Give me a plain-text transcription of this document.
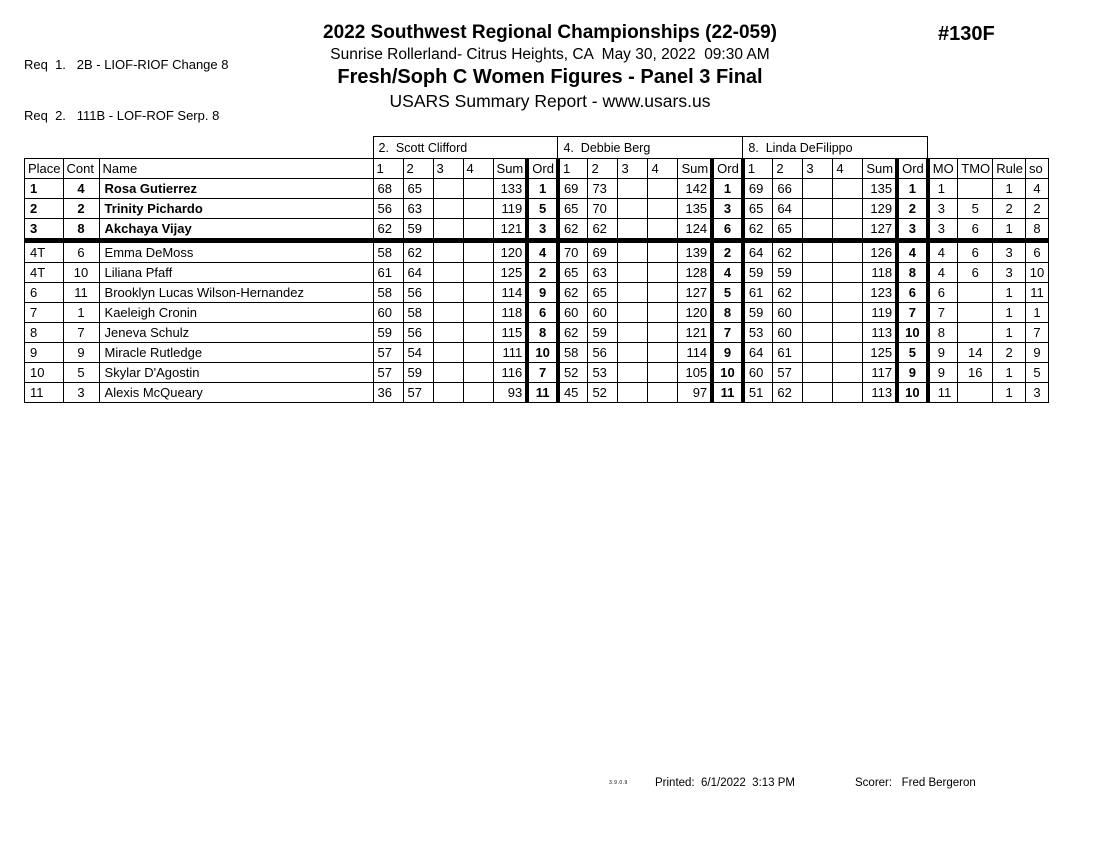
Req  1.   2B - LIOF-RIOF Change 8

Req  2.   111B - LOF-ROF Serp. 8

2022 Southwest Regional Championships (22-059)
Sunrise Rollerland- Citrus Heights, CA  May 30, 2022  09:30 AM
Fresh/Soph C Women Figures - Panel 3 Final
USARS Summary Report - www.usars.us
#130F
			2.  Scott Clifford						4.  Debbie Berg						8.  Linda DeFilippo									
Place	Cont	Name	1	2	3	4	Sum	Ord	1	2	3	4	Sum	Ord	1	2	3	4	Sum	Ord	MO	TMO	Rule	so
1	4	Rosa Gutierrez	68	65			133	1	69	73			142	1	69	66			135	1	1		1	4
2	2	Trinity Pichardo	56	63			119	5	65	70			135	3	65	64			129	2	3	5	2	2
3	8	Akchaya Vijay	62	59			121	3	62	62			124	6	62	65			127	3	3	6	1	8
4T	6	Emma DeMoss	58	62			120	4	70	69			139	2	64	62			126	4	4	6	3	6
4T	10	Liliana Pfaff	61	64			125	2	65	63			128	4	59	59			118	8	4	6	3	10
6	11	Brooklyn Lucas Wilson-Hernandez	58	56			114	9	62	65			127	5	61	62			123	6	6		1	11
7	1	Kaeleigh Cronin	60	58			118	6	60	60			120	8	59	60			119	7	7		1	1
8	7	Jeneva Schulz	59	56			115	8	62	59			121	7	53	60			113	10	8		1	7
9	9	Miracle Rutledge	57	54			111	10	58	56			114	9	64	61			125	5	9	14	2	9
10	5	Skylar D'Agostin	57	59			116	7	52	53			105	10	60	57			117	9	9	16	1	5
11	3	Alexis McQueary	36	57			93	11	45	52			97	11	51	62			113	10	11		1	3
3.9.0.9 Printed:  6/1/2022  3:13 PM	Scorer:   Fred Bergeron
